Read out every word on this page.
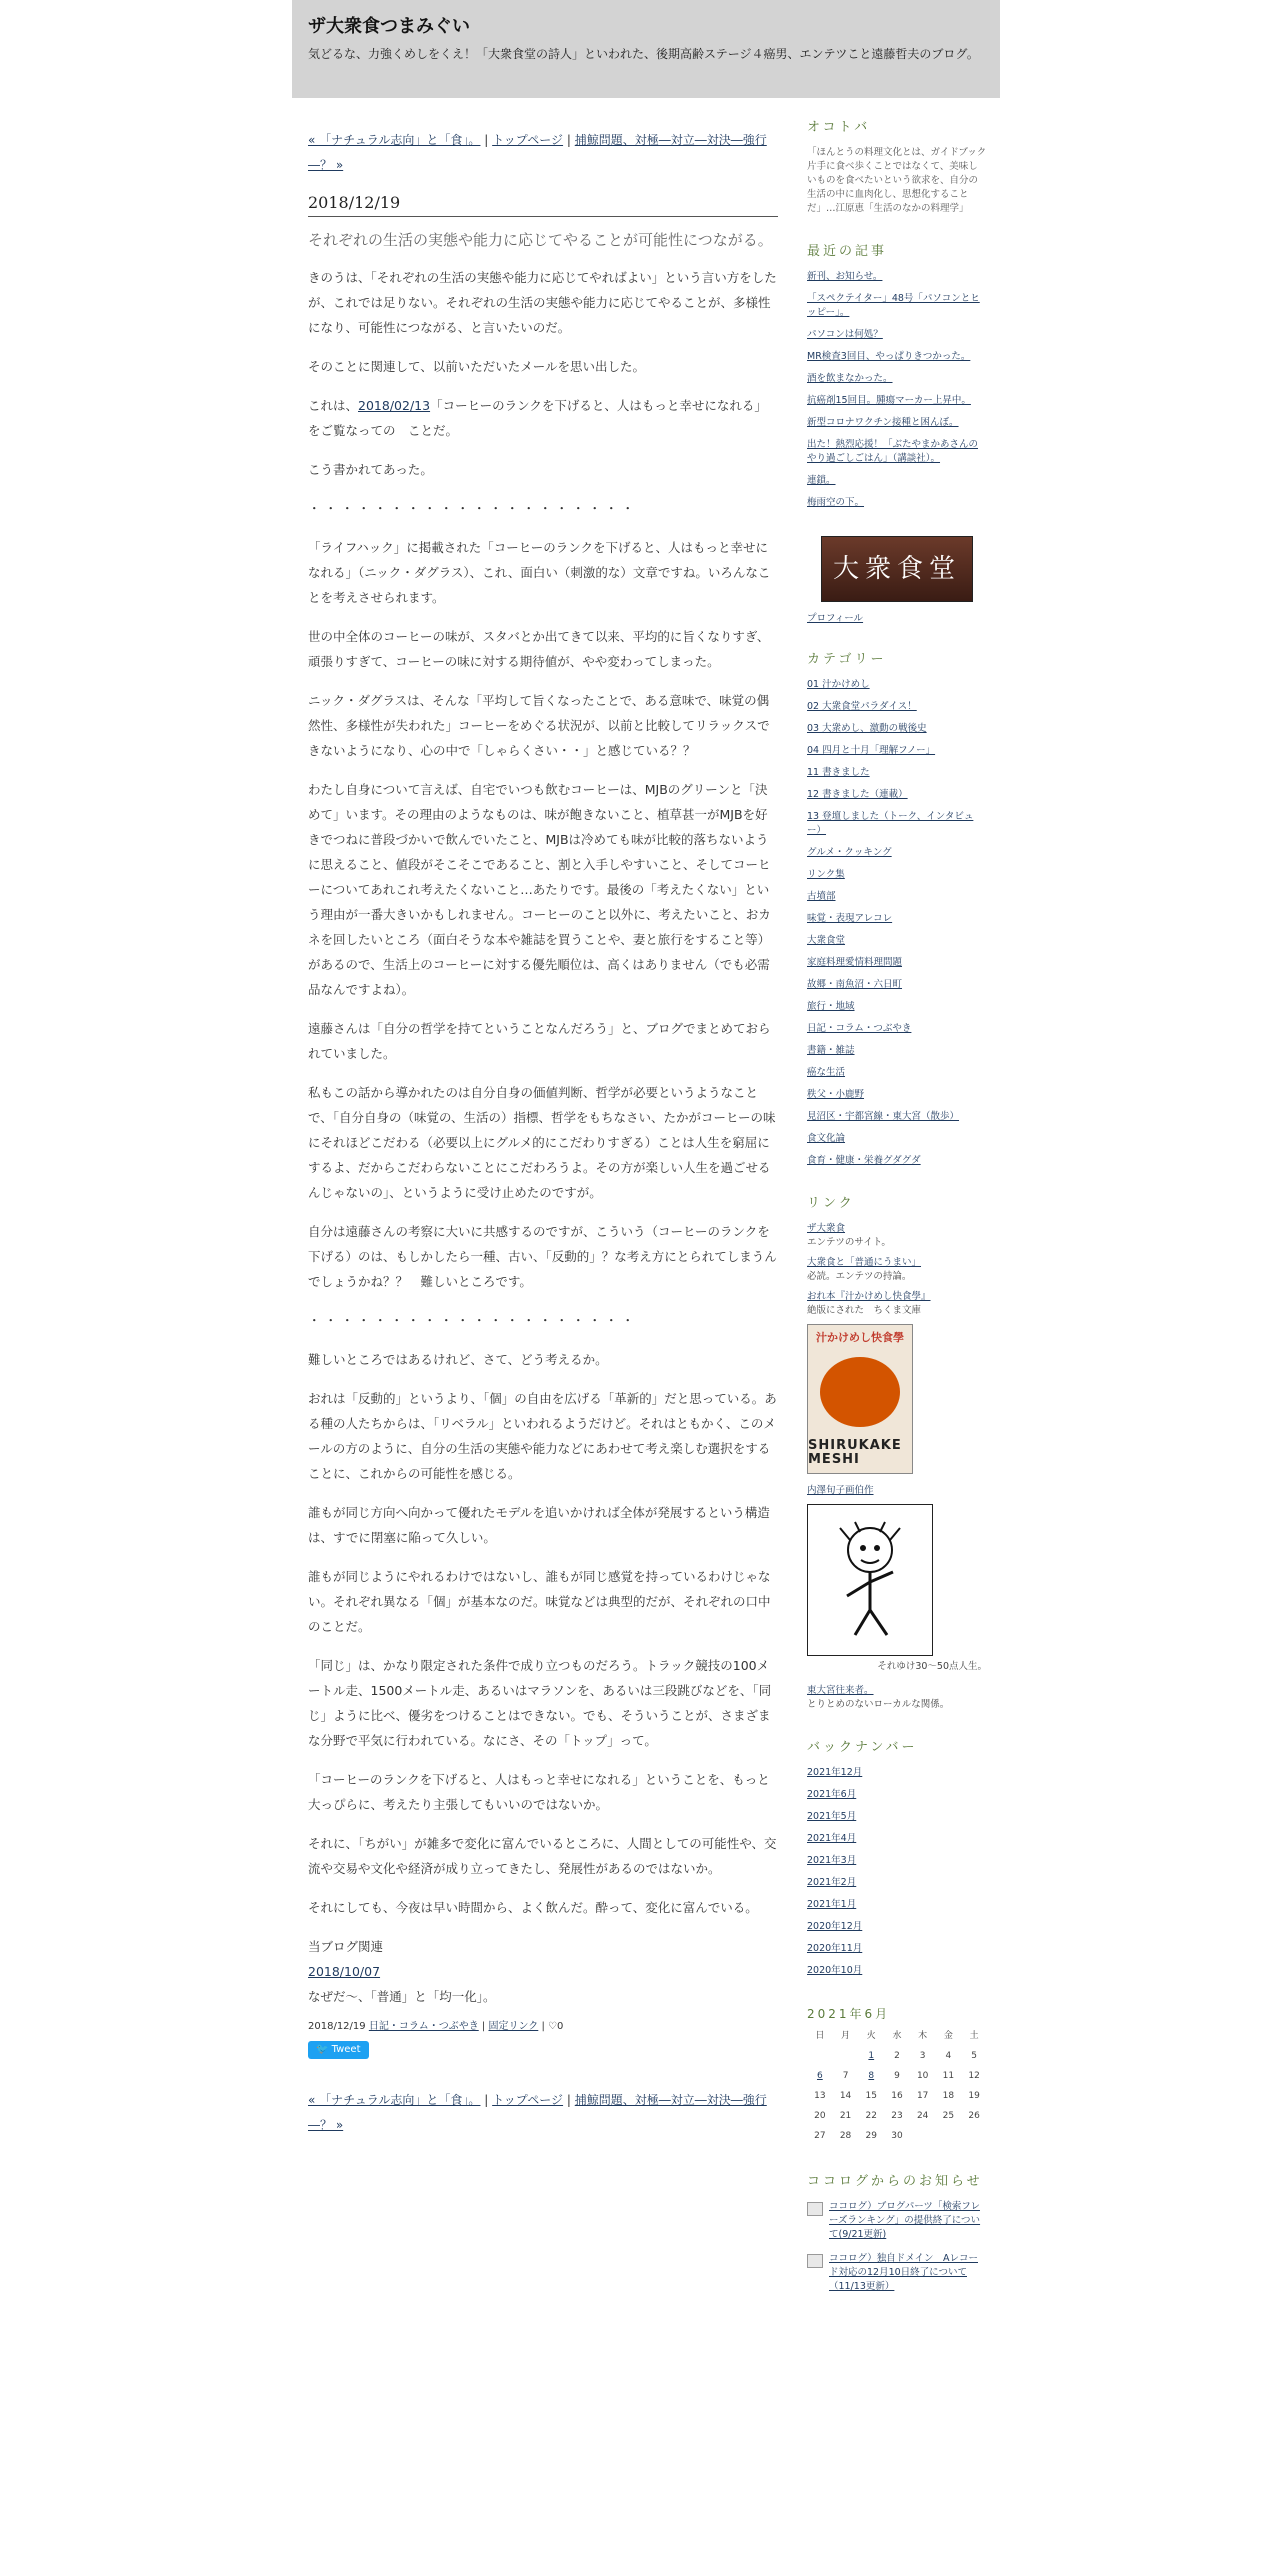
ザ大衆食つまみぐい
気どるな、力強くめしをくえ！「大衆食堂の詩人」といわれた、後期高齢ステージ４癌男、エンテツこと遠藤哲夫のブログ。
« 「ナチュラル志向」と「食」。 | トップページ | 捕鯨問題、対極―対立―対決―強行―？ »
2018/12/19
それぞれの生活の実態や能力に応じてやることが可能性につながる。

きのうは、「それぞれの生活の実態や能力に応じてやればよい」という言い方をしたが、これでは足りない。それぞれの生活の実態や能力に応じてやることが、多様性になり、可能性につながる、と言いたいのだ。

そのことに関連して、以前いただいたメールを思い出した。

これは、2018/02/13「コーヒーのランクを下げると、人はもっと幸せになれる」をご覧なっての　ことだ。

こう書かれてあった。

・・・・・・・・・・・・・・・・・・・・

「ライフハック」に掲載された「コーヒーのランクを下げると、人はもっと幸せになれる」（ニック・ダグラス）、これ、面白い（刺激的な）文章ですね。いろんなことを考えさせられます。

世の中全体のコーヒーの味が、スタバとか出てきて以来、平均的に旨くなりすぎ、頑張りすぎて、コーヒーの味に対する期待値が、やや変わってしまった。

ニック・ダグラスは、そんな「平均して旨くなったことで、ある意味で、味覚の偶然性、多様性が失われた」コーヒーをめぐる状況が、以前と比較してリラックスできないようになり、心の中で「しゃらくさい・・」と感じている？？

わたし自身について言えば、自宅でいつも飲むコーヒーは、MJBのグリーンと「決めて」います。その理由のようなものは、味が飽きないこと、植草甚一がMJBを好きでつねに普段づかいで飲んでいたこと、MJBは冷めても味が比較的落ちないように思えること、値段がそこそこであること、割と入手しやすいこと、そしてコーヒーについてあれこれ考えたくないこと…あたりです。最後の「考えたくない」という理由が一番大きいかもしれません。コーヒーのこと以外に、考えたいこと、おカネを回したいところ（面白そうな本や雑誌を買うことや、妻と旅行をすること等）があるので、生活上のコーヒーに対する優先順位は、高くはありません（でも必需品なんですよね）。

遠藤さんは「自分の哲学を持てということなんだろう」と、ブログでまとめておられていました。

私もこの話から導かれたのは自分自身の価値判断、哲学が必要というようなことで、「自分自身の（味覚の、生活の）指標、哲学をもちなさい、たかがコーヒーの味にそれほどこだわる（必要以上にグルメ的にこだわりすぎる）ことは人生を窮屈にするよ、だからこだわらないことにこだわろうよ。その方が楽しい人生を過ごせるんじゃないの」、というように受け止めたのですが。

自分は遠藤さんの考察に大いに共感するのですが、こういう（コーヒーのランクを下げる）のは、もしかしたら一種、古い、「反動的」？な考え方にとられてしまうんでしょうかね？？　難しいところです。

・・・・・・・・・・・・・・・・・・・・

難しいところではあるけれど、さて、どう考えるか。

おれは「反動的」というより、「個」の自由を広げる「革新的」だと思っている。ある種の人たちからは、「リベラル」といわれるようだけど。それはともかく、このメールの方のように、自分の生活の実態や能力などにあわせて考え楽しむ選択をすることに、これからの可能性を感じる。

誰もが同じ方向へ向かって優れたモデルを追いかければ全体が発展するという構造は、すでに閉塞に陥って久しい。

誰もが同じようにやれるわけではないし、誰もが同じ感覚を持っているわけじゃない。それぞれ異なる「個」が基本なのだ。味覚などは典型的だが、それぞれの口中のことだ。

「同じ」は、かなり限定された条件で成り立つものだろう。トラック競技の100メートル走、1500メートル走、あるいはマラソンを、あるいは三段跳びなどを、「同じ」ように比べ、優劣をつけることはできない。でも、そういうことが、さまざまな分野で平気に行われている。なにさ、その「トップ」って。

「コーヒーのランクを下げると、人はもっと幸せになれる」ということを、もっと大っぴらに、考えたり主張してもいいのではないか。

それに、「ちがい」が雑多で変化に富んでいるところに、人間としての可能性や、交流や交易や文化や経済が成り立ってきたし、発展性があるのではないか。

それにしても、今夜は早い時間から、よく飲んだ。酔って、変化に富んでいる。

当ブログ関連
2018/10/07
なぜだ～、「普通」と「均一化」。
2018/12/19 日記・コラム・つぶやき | 固定リンク | ♡0
🐦 Tweet
« 「ナチュラル志向」と「食」。 | トップページ | 捕鯨問題、対極―対立―対決―強行―？ »
オコトバ
「ほんとうの料理文化とは、ガイドブック片手に食べ歩くことではなくて、美味しいものを食べたいという欲求を、自分の生活の中に血肉化し、思想化することだ」…江原恵「生活のなかの料理学」
最近の記事
新刊、お知らせ。
「スペクテイター」48号「パソコンとヒッピー」。
パソコンは何処？
MR検査3回目、やっぱりきつかった。
酒を飲まなかった。
抗癌剤15回目。腫瘍マーカー上昇中。
新型コロナワクチン接種と困んぼ。
出た！熱烈応援！「ぶたやまかあさんのやり過ごしごはん」（講談社）。
連鎖。
梅雨空の下。
大衆食堂
プロフィール
カテゴリー
01 汁かけめし
02 大衆食堂パラダイス！
03 大衆めし、激動の戦後史
04 四月と十月「理解フノー」
11 書きました
12 書きました（連載）
13 登壇しました（トーク、インタビュー）
グルメ・クッキング
リンク集
古墳部
味覚・表現アレコレ
大衆食堂
家庭料理愛情料理問題
故郷・南魚沼・六日町
旅行・地域
日記・コラム・つぶやき
書籍・雑誌
癌な生活
秩父・小鹿野
見沼区・宇都宮線・東大宮（散歩）
食文化論
食育・健康・栄養グダグダ
リンク
ザ大衆食
エンテツのサイト。
大衆食と「普通にうまい」
必読。エンテツの持論。
おれ本『汁かけめし快食學』
絶版にされた　ちくま文庫
汁かけめし快食學
SHIRUKAKE MESHI
内澤旬子画伯作
それゆけ30～50点人生。
東大宮往来者。
とりとめのないローカルな関係。
バックナンバー
2021年12月
2021年6月
2021年5月
2021年4月
2021年3月
2021年2月
2021年1月
2020年12月
2020年11月
2020年10月
2021年6月
日	月	火	水	木	金	土
		1	2	3	4	5
6	7	8	9	10	11	12
13	14	15	16	17	18	19
20	21	22	23	24	25	26
27	28	29	30			
ココログからのお知らせ
ココログ）ブログパーツ「検索フレーズランキング」の提供終了について(9/21更新)
ココログ）独自ドメイン　Aレコード対応の12月10日終了について（11/13更新）
